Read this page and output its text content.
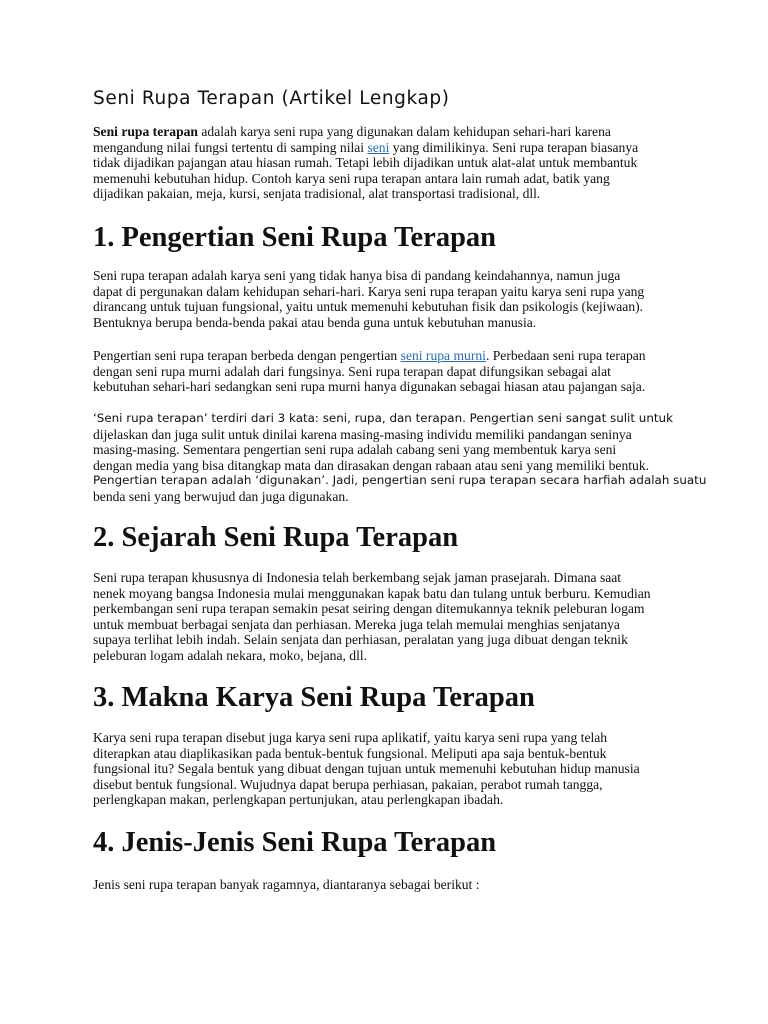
Seni Rupa Terapan (Artikel Lengkap)

Seni rupa terapan adalah karya seni rupa yang digunakan dalam kehidupan sehari-hari karena
mengandung nilai fungsi tertentu di samping nilai seni yang dimilikinya. Seni rupa terapan biasanya
tidak dijadikan pajangan atau hiasan rumah. Tetapi lebih dijadikan untuk alat-alat untuk membantuk
memenuhi kebutuhan hidup. Contoh karya seni rupa terapan antara lain rumah adat, batik yang
dijadikan pakaian, meja, kursi, senjata tradisional, alat transportasi tradisional, dll.

1. Pengertian Seni Rupa Terapan

Seni rupa terapan adalah karya seni yang tidak hanya bisa di pandang keindahannya, namun juga
dapat di pergunakan dalam kehidupan sehari-hari. Karya seni rupa terapan yaitu karya seni rupa yang
dirancang untuk tujuan fungsional, yaitu untuk memenuhi kebutuhan fisik dan psikologis (kejiwaan).
Bentuknya berupa benda-benda pakai atau benda guna untuk kebutuhan manusia.

Pengertian seni rupa terapan berbeda dengan pengertian seni rupa murni. Perbedaan seni rupa terapan
dengan seni rupa murni adalah dari fungsinya. Seni rupa terapan dapat difungsikan sebagai alat
kebutuhan sehari-hari sedangkan seni rupa murni hanya digunakan sebagai hiasan atau pajangan saja.

‘Seni rupa terapan’ terdiri dari 3 kata: seni, rupa, dan terapan. Pengertian seni sangat sulit untuk
dijelaskan dan juga sulit untuk dinilai karena masing-masing individu memiliki pandangan seninya
masing-masing. Sementara pengertian seni rupa adalah cabang seni yang membentuk karya seni
dengan media yang bisa ditangkap mata dan dirasakan dengan rabaan atau seni yang memiliki bentuk.
Pengertian terapan adalah ‘digunakan’. Jadi, pengertian seni rupa terapan secara harfiah adalah suatu
benda seni yang berwujud dan juga digunakan.

2. Sejarah Seni Rupa Terapan

Seni rupa terapan khususnya di Indonesia telah berkembang sejak jaman prasejarah. Dimana saat
nenek moyang bangsa Indonesia mulai menggunakan kapak batu dan tulang untuk berburu. Kemudian
perkembangan seni rupa terapan semakin pesat seiring dengan ditemukannya teknik peleburan logam
untuk membuat berbagai senjata dan perhiasan. Mereka juga telah memulai menghias senjatanya
supaya terlihat lebih indah. Selain senjata dan perhiasan, peralatan yang juga dibuat dengan teknik
peleburan logam adalah nekara, moko, bejana, dll.

3. Makna Karya Seni Rupa Terapan

Karya seni rupa terapan disebut juga karya seni rupa aplikatif, yaitu karya seni rupa yang telah
diterapkan atau diaplikasikan pada bentuk-bentuk fungsional. Meliputi apa saja bentuk-bentuk
fungsional itu? Segala bentuk yang dibuat dengan tujuan untuk memenuhi kebutuhan hidup manusia
disebut bentuk fungsional. Wujudnya dapat berupa perhiasan, pakaian, perabot rumah tangga,
perlengkapan makan, perlengkapan pertunjukan, atau perlengkapan ibadah.

4. Jenis-Jenis Seni Rupa Terapan

Jenis seni rupa terapan banyak ragamnya, diantaranya sebagai berikut :
